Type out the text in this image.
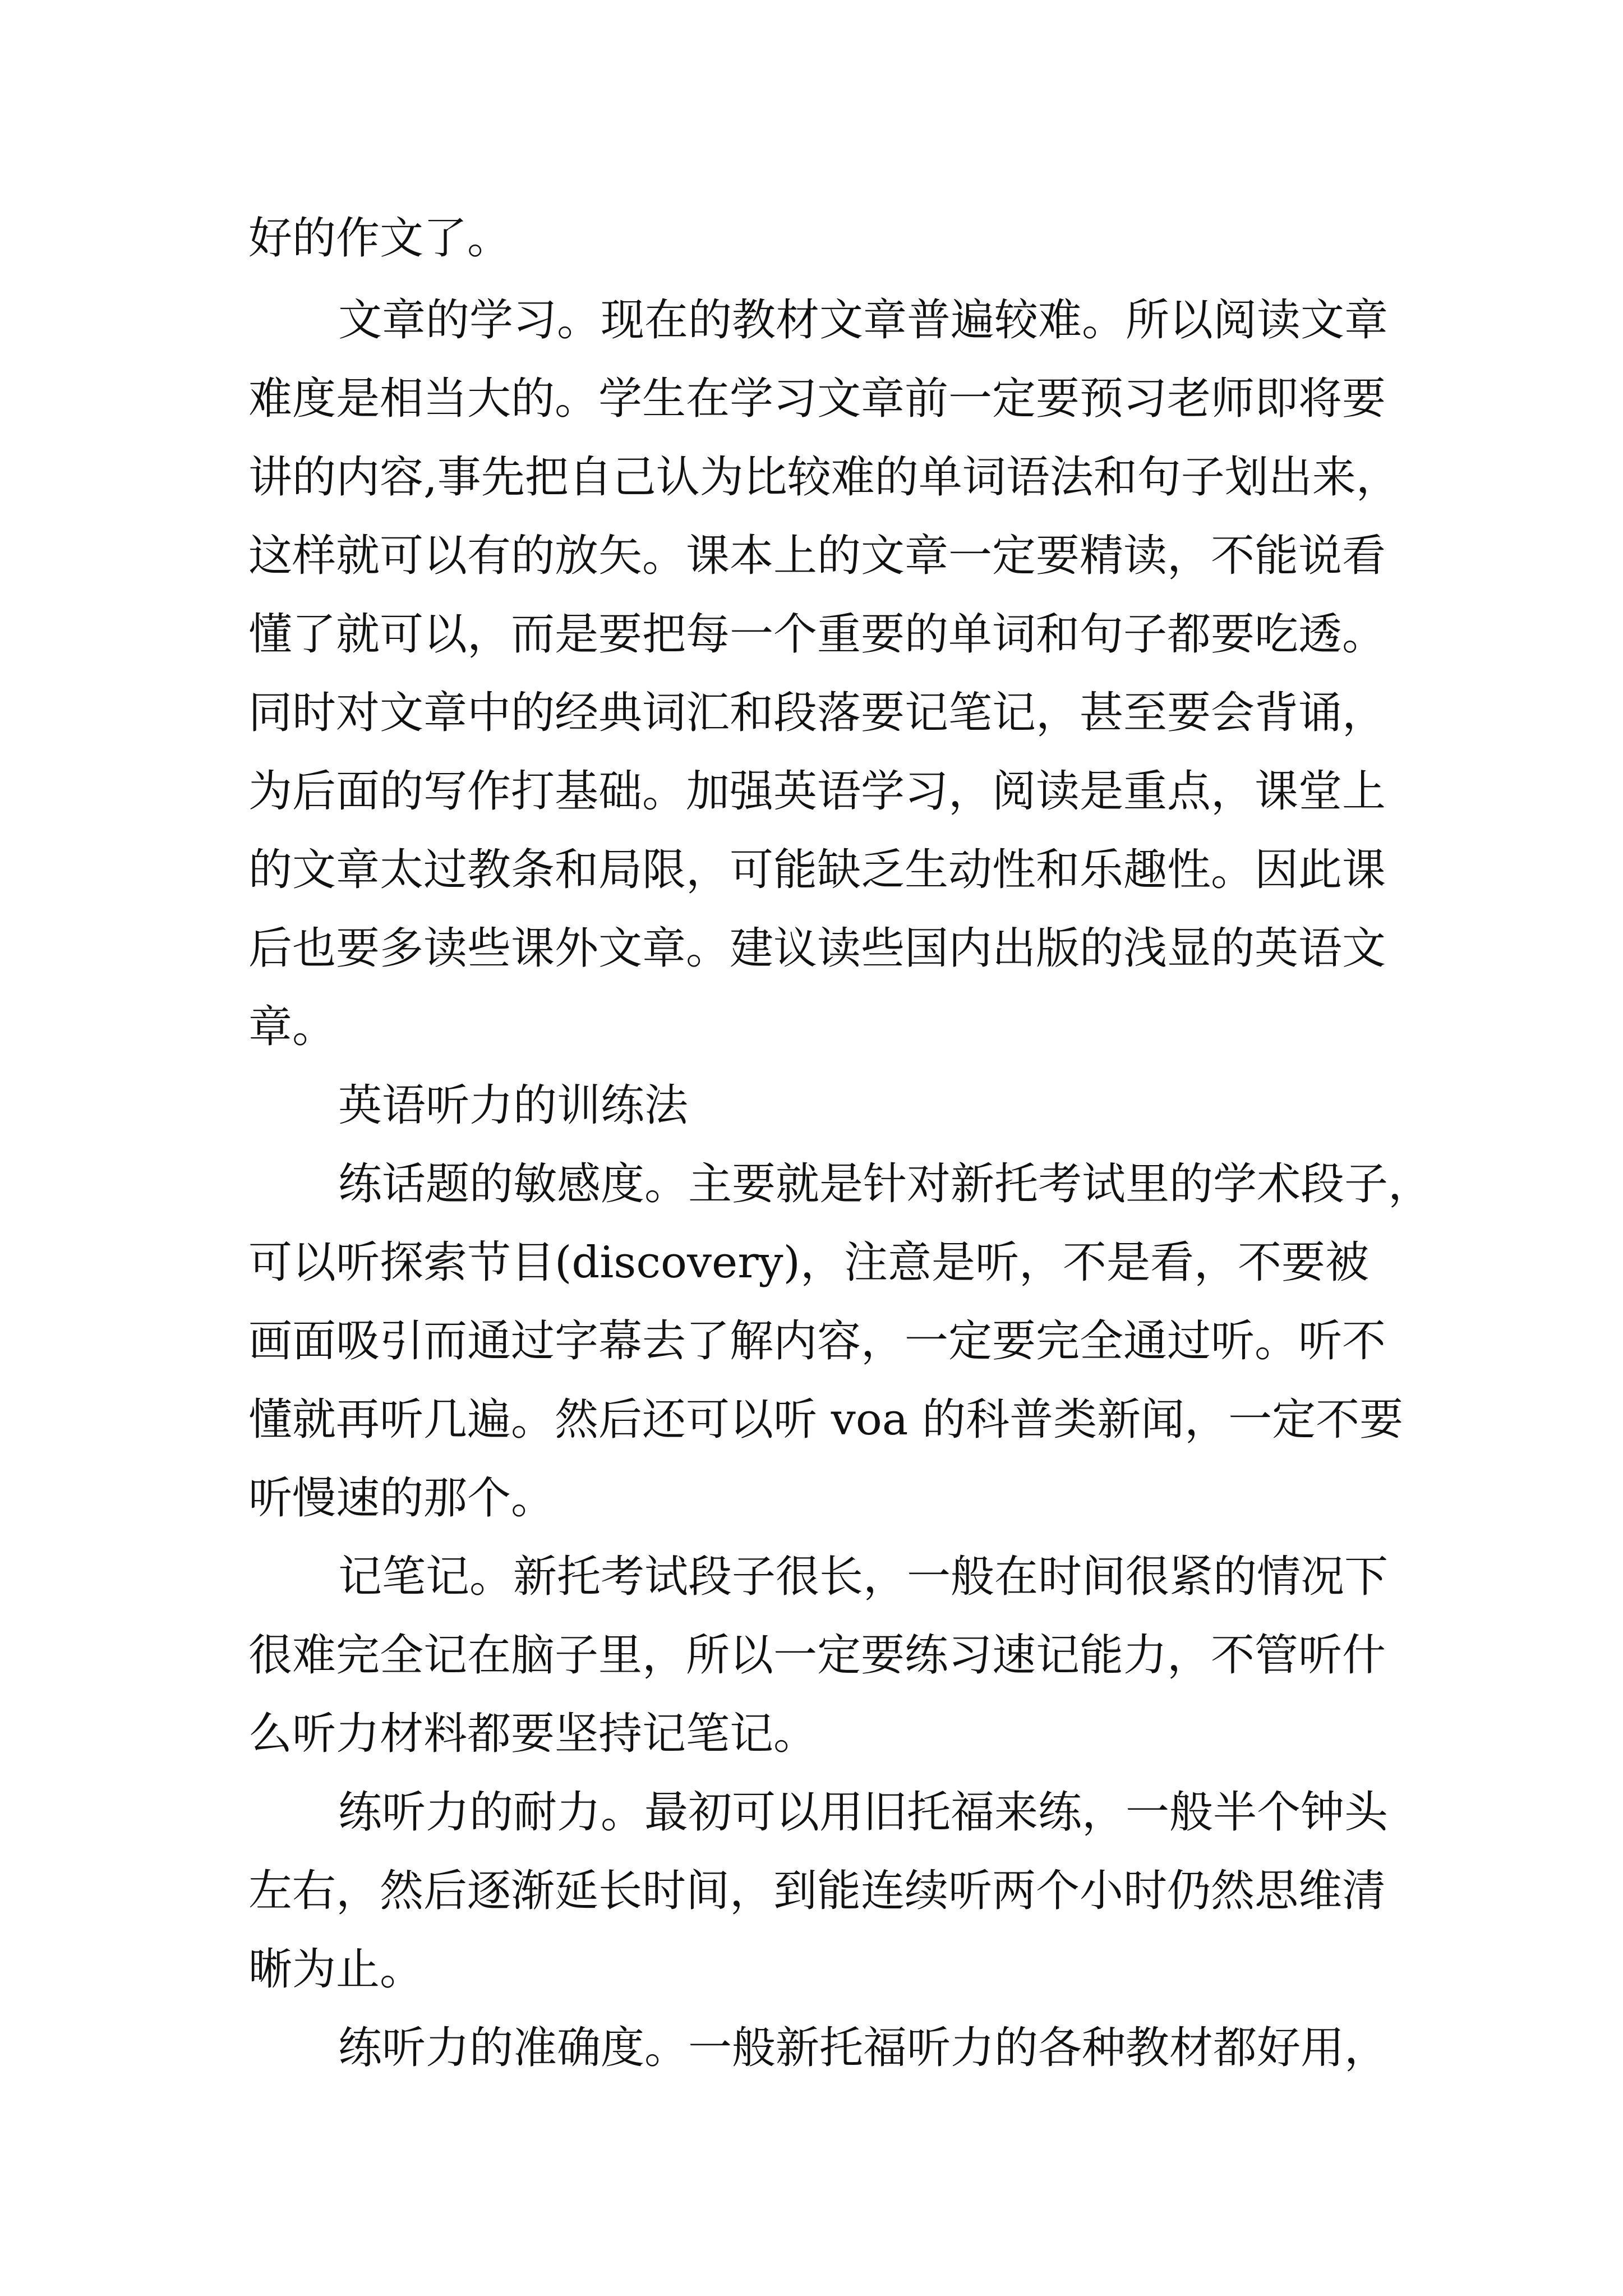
好的作文了。
文章的学习。现在的教材文章普遍较难。所以阅读文章
难度是相当大的。学生在学习文章前一定要预习老师即将要
讲的内容,事先把自己认为比较难的单词语法和句子划出来，
这样就可以有的放矢。课本上的文章一定要精读，不能说看
懂了就可以，而是要把每一个重要的单词和句子都要吃透。
同时对文章中的经典词汇和段落要记笔记，甚至要会背诵，
为后面的写作打基础。加强英语学习，阅读是重点，课堂上
的文章太过教条和局限，可能缺乏生动性和乐趣性。因此课
后也要多读些课外文章。建议读些国内出版的浅显的英语文
章。
英语听力的训练法
练话题的敏感度。主要就是针对新托考试里的学术段子，
可以听探索节目(discovery)，注意是听，不是看，不要被
画面吸引而通过字幕去了解内容，一定要完全通过听。听不
懂就再听几遍。然后还可以听 voa 的科普类新闻，一定不要
听慢速的那个。
记笔记。新托考试段子很长，一般在时间很紧的情况下
很难完全记在脑子里，所以一定要练习速记能力，不管听什
么听力材料都要坚持记笔记。
练听力的耐力。最初可以用旧托福来练，一般半个钟头
左右，然后逐渐延长时间，到能连续听两个小时仍然思维清
晰为止。
练听力的准确度。一般新托福听力的各种教材都好用，
